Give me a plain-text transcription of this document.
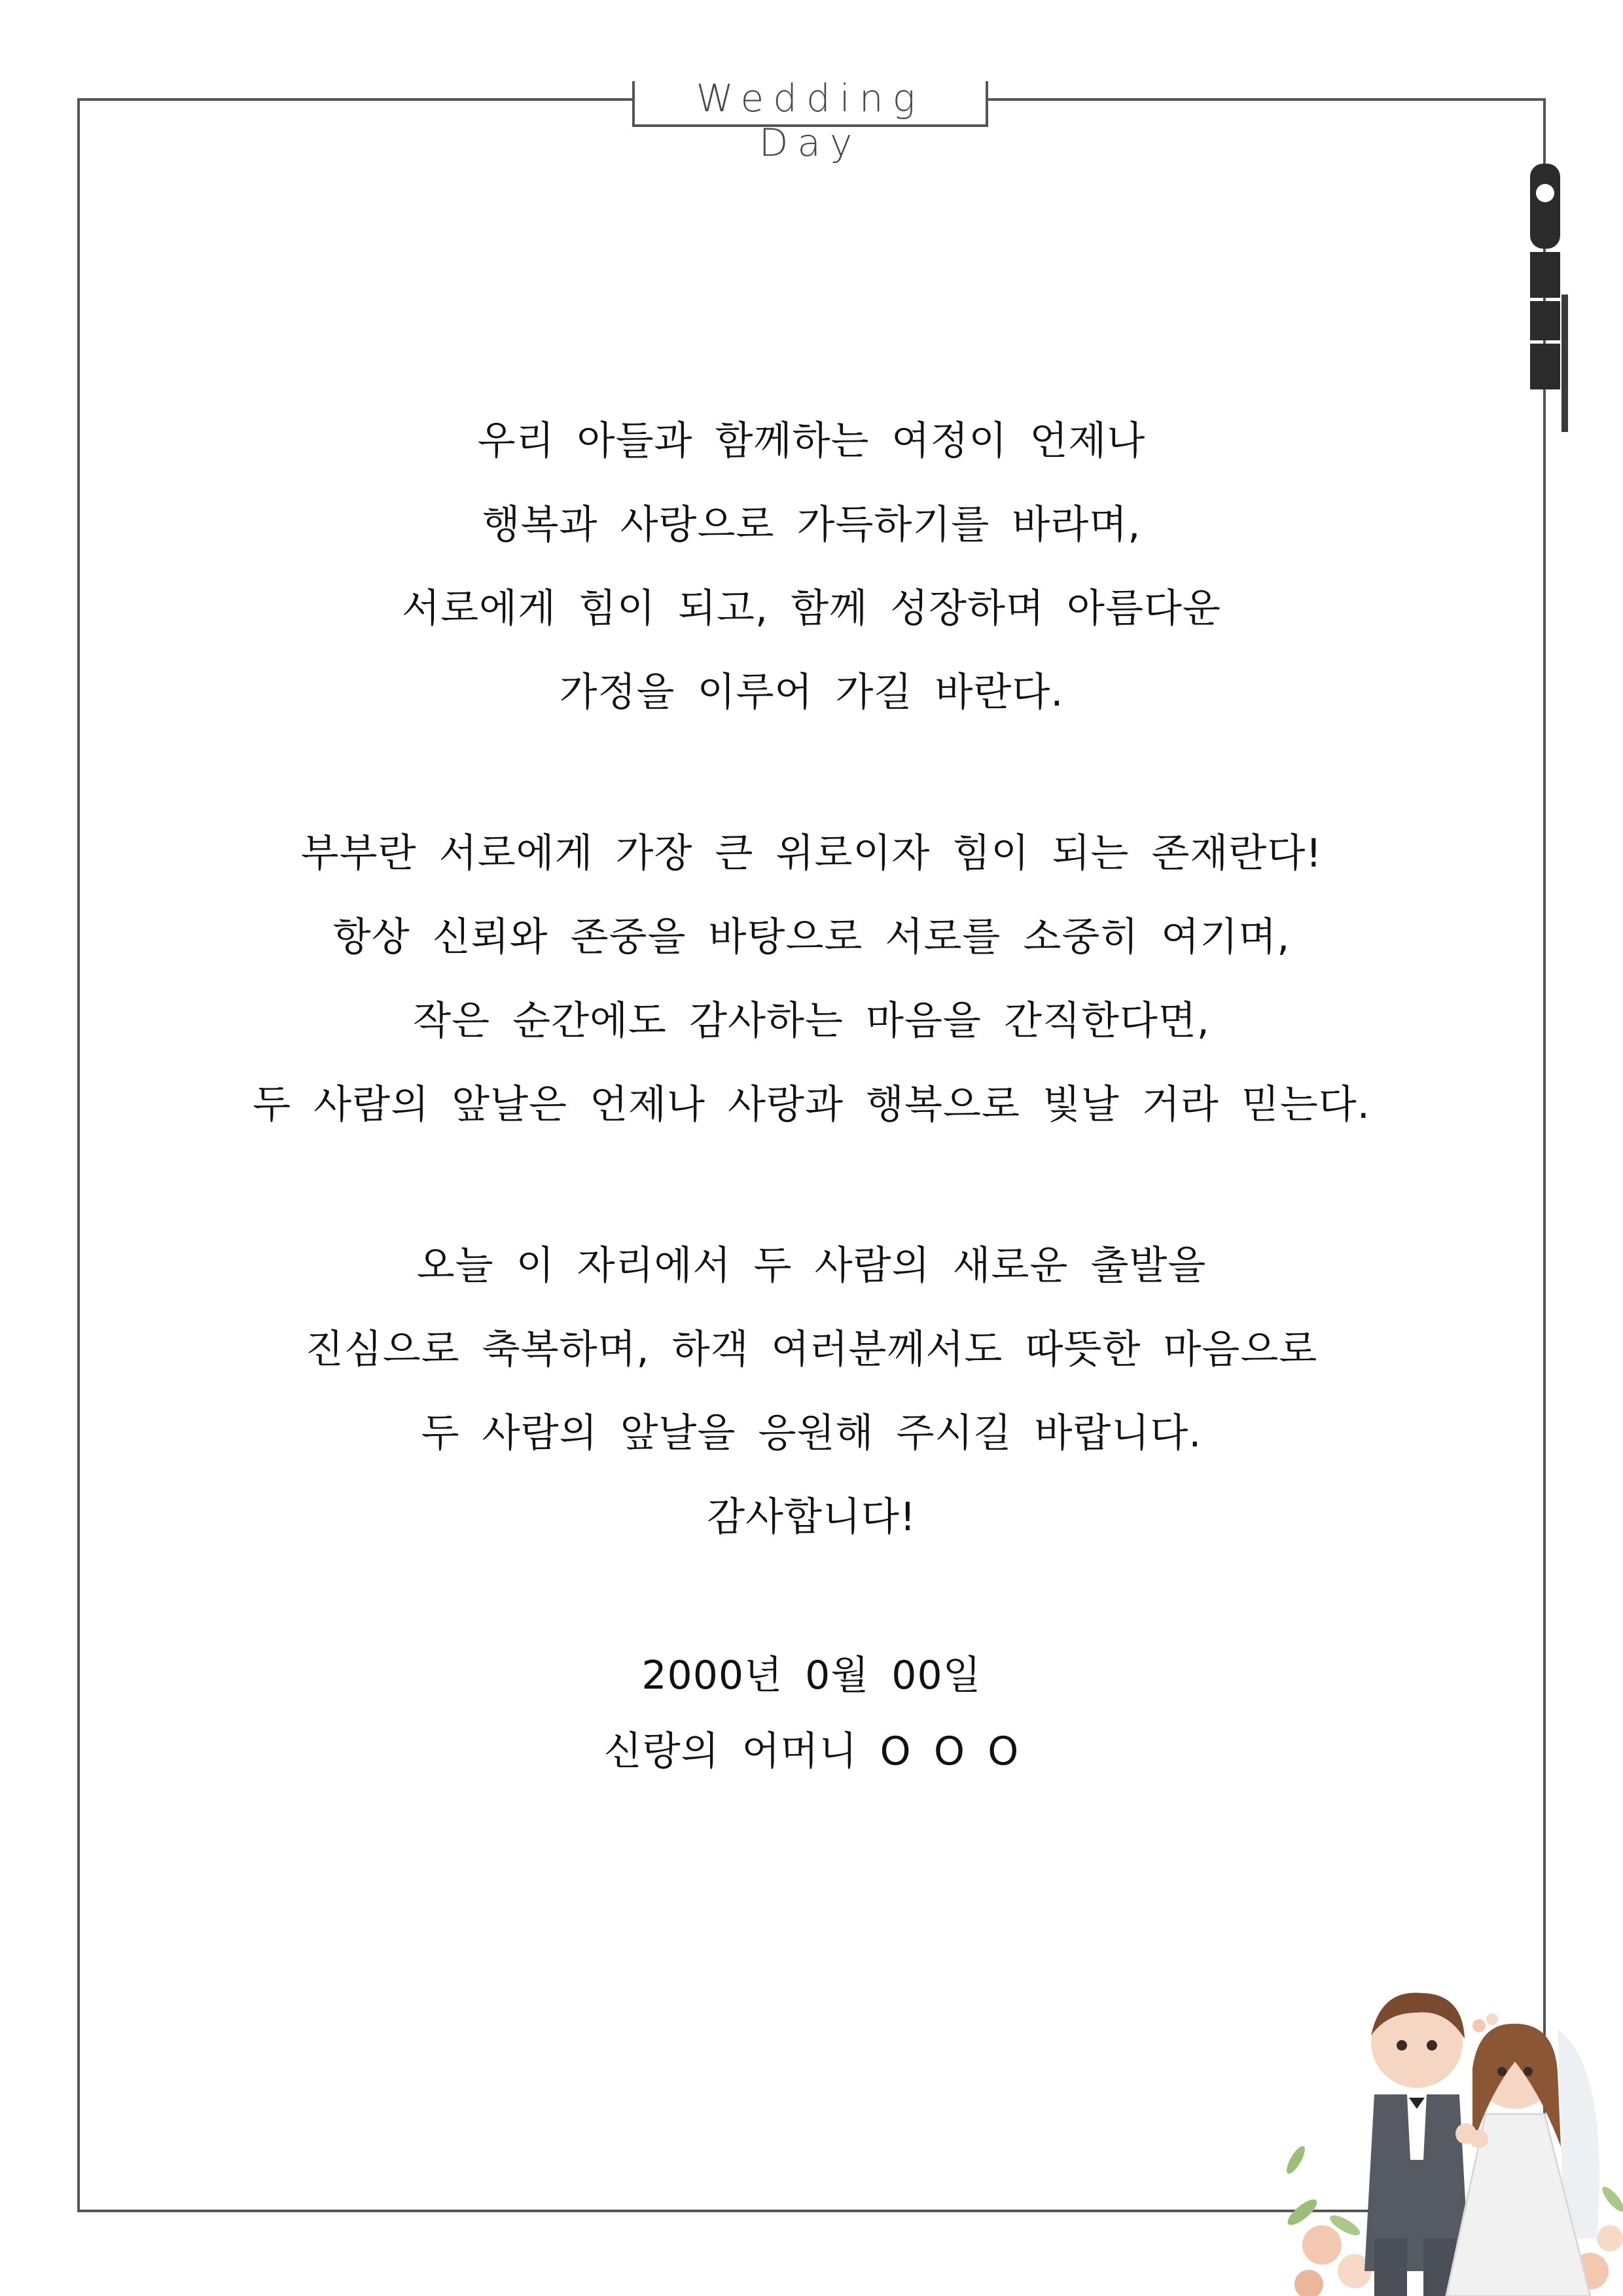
Wedding Day
우리 아들과 함께하는 여정이 언제나
행복과 사랑으로 가득하기를 바라며,
서로에게 힘이 되고, 함께 성장하며 아름다운
가정을 이루어 가길 바란다.
부부란 서로에게 가장 큰 위로이자 힘이 되는 존재란다!
항상 신뢰와 존중을 바탕으로 서로를 소중히 여기며,
작은 순간에도 감사하는 마음을 간직한다면,
두 사람의 앞날은 언제나 사랑과 행복으로 빛날 거라 믿는다.
오늘 이 자리에서 두 사람의 새로운 출발을
진심으로 축복하며, 하객 여러분께서도 따뜻한 마음으로
두 사람의 앞날을 응원해 주시길 바랍니다.
감사합니다!
2000년 0월 00일
신랑의 어머니 O O O
